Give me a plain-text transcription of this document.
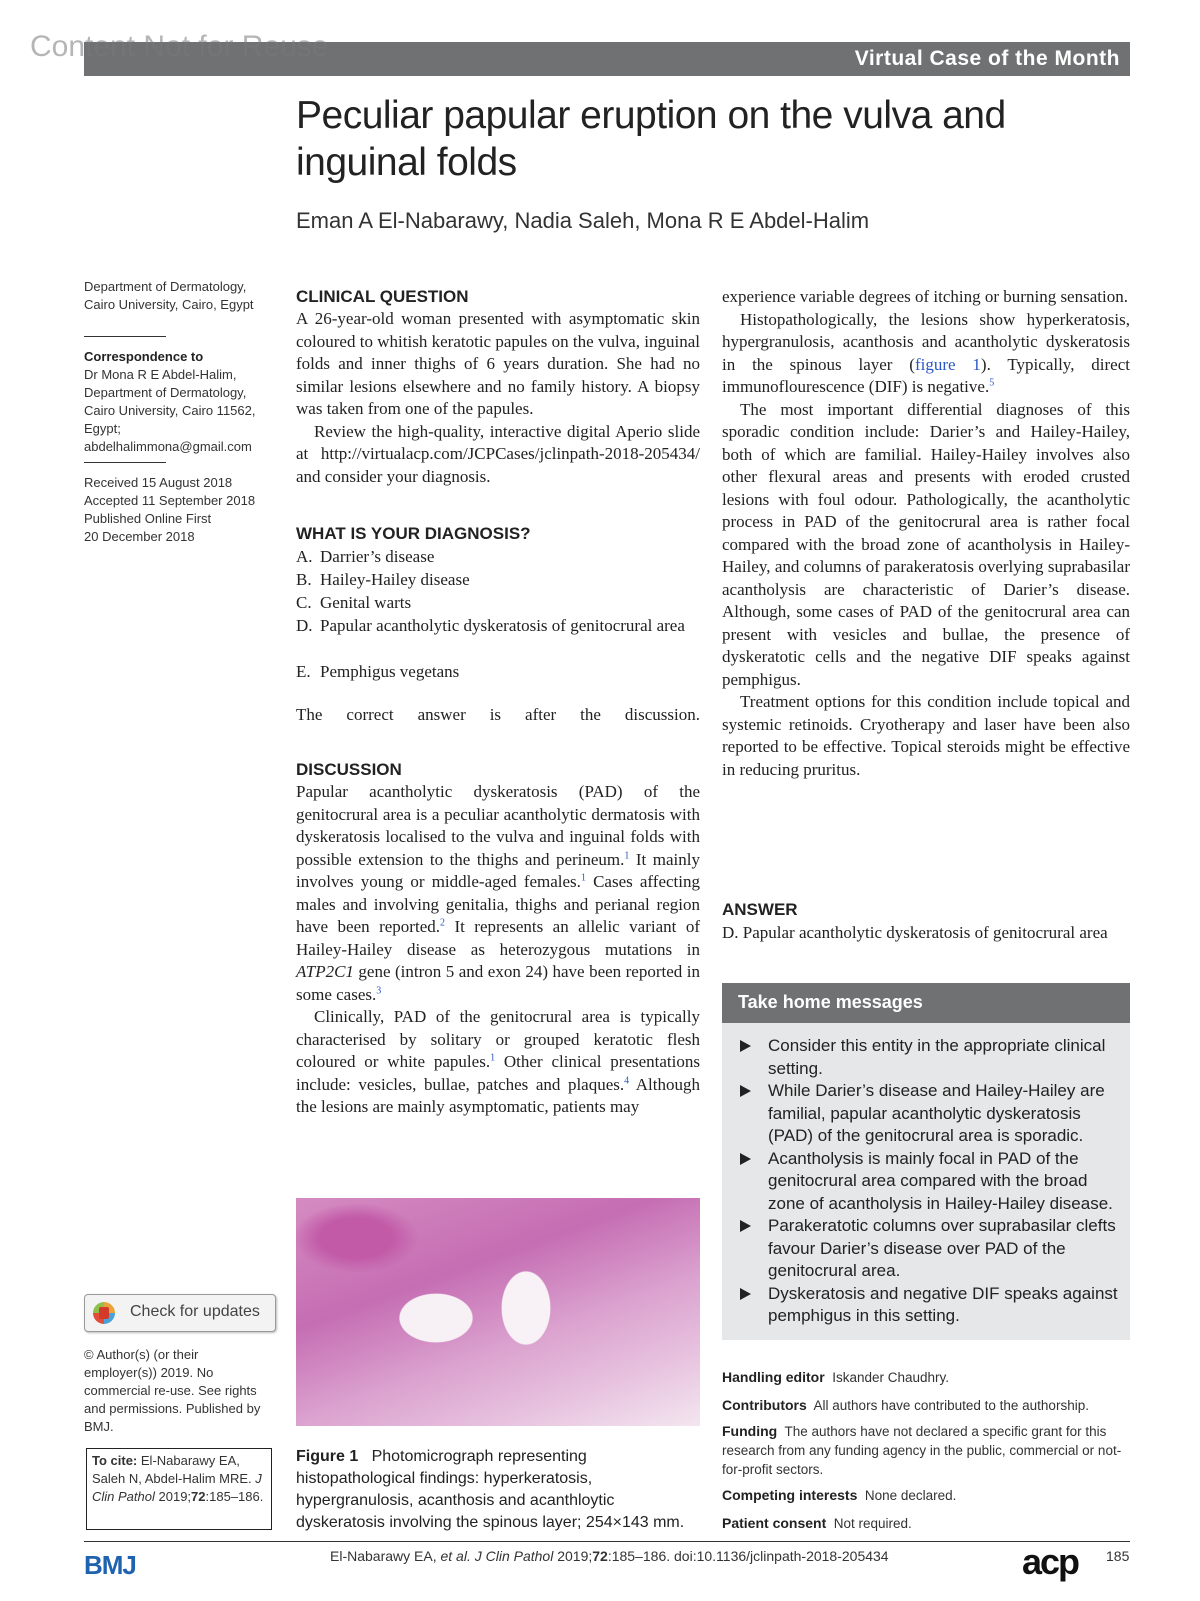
Virtual Case of the Month
Content Not for Reuse
Peculiar papular eruption on the vulva and inguinal folds
Eman A El-Nabarawy, Nadia Saleh, Mona R E Abdel-Halim
Department of Dermatology, Cairo University, Cairo, Egypt
Correspondence to
Dr Mona R E Abdel-Halim, Department of Dermatology, Cairo University, Cairo 11562, Egypt; abdelhalimmona@gmail.com
Received 15 August 2018
Accepted 11 September 2018
Published Online First
20 December 2018
Check for updates
© Author(s) (or their employer(s)) 2019. No commercial re-use. See rights and permissions. Published by BMJ.
To cite: El-Nabarawy EA, Saleh N, Abdel-Halim MRE. J Clin Pathol 2019;72:185–186.
CLINICAL QUESTION

A 26-year-old woman presented with asymptomatic skin coloured to whitish keratotic papules on the vulva, inguinal folds and inner thighs of 6 years duration. She had no similar lesions elsewhere and no family history. A biopsy was taken from one of the papules.

Review the high-quality, interactive digital Aperio slide at http://virtualacp.com/JCPCases/jclinpath-2018-205434/ and consider your diagnosis.

WHAT IS YOUR DIAGNOSIS?
A. Darrier’s disease
B. Hailey-Hailey disease
C. Genital warts
D. Papular acantholytic dyskeratosis of genitocrural area
E. Pemphigus vegetans
The correct answer is after the discussion.
DISCUSSION

Papular acantholytic dyskeratosis (PAD) of the genitocrural area is a peculiar acantholytic dermatosis with dyskeratosis localised to the vulva and inguinal folds with possible extension to the thighs and perineum.$^1$ It mainly involves young or middle-aged females.$^1$ Cases affecting males and involving genitalia, thighs and perianal region have been reported.$^2$ It represents an allelic variant of Hailey-Hailey disease as heterozygous mutations in ATP2C1 gene (intron 5 and exon 24) have been reported in some cases.$^3$

Clinically, PAD of the genitocrural area is typically characterised by solitary or grouped keratotic flesh coloured or white papules.$^1$ Other clinical presentations include: vesicles, bullae, patches and plaques.$^4$ Although the lesions are mainly asymptomatic, patients may

Figure 1 Photomicrograph representing histopathological findings: hyperkeratosis, hypergranulosis, acanthosis and acanthloytic dyskeratosis involving the spinous layer; 254×143 mm.

experience variable degrees of itching or burning sensation.

Histopathologically, the lesions show hyperkeratosis, hypergranulosis, acanthosis and acantholytic dyskeratosis in the spinous layer (figure 1). Typically, direct immunoflourescence (DIF) is negative.$^5$

The most important differential diagnoses of this sporadic condition include: Darier’s and Hailey-Hailey, both of which are familial. Hailey-Hailey involves also other flexural areas and presents with eroded crusted lesions with foul odour. Pathologically, the acantholytic process in PAD of the genitocrural area is rather focal compared with the broad zone of acantholysis in Hailey-Hailey, and columns of parakeratosis overlying suprabasilar acantholysis are characteristic of Darier’s disease. Although, some cases of PAD of the genitocrural area can present with vesicles and bullae, the presence of dyskeratotic cells and the negative DIF speaks against pemphigus.

Treatment options for this condition include topical and systemic retinoids. Cryotherapy and laser have been also reported to be effective. Topical steroids might be effective in reducing pruritus.

ANSWER
D. Papular acantholytic dyskeratosis of genitocrural area
Take home messages
Consider this entity in the appropriate clinical setting.
While Darier’s disease and Hailey-Hailey are familial, papular acantholytic dyskeratosis (PAD) of the genitocrural area is sporadic.
Acantholysis is mainly focal in PAD of the genitocrural area compared with the broad zone of acantholysis in Hailey-Hailey disease.
Parakeratotic columns over suprabasilar clefts favour Darier’s disease over PAD of the genitocrural area.
Dyskeratosis and negative DIF speaks against pemphigus in this setting.
Handling editor Iskander Chaudhry.
Contributors All authors have contributed to the authorship.
Funding The authors have not declared a specific grant for this research from any funding agency in the public, commercial or not-for-profit sectors.
Competing interests None declared.
Patient consent Not required.
BMJ	El-Nabarawy EA, et al. J Clin Pathol 2019;72:185–186. doi:10.1136/jclinpath-2018-205434	acp 185
